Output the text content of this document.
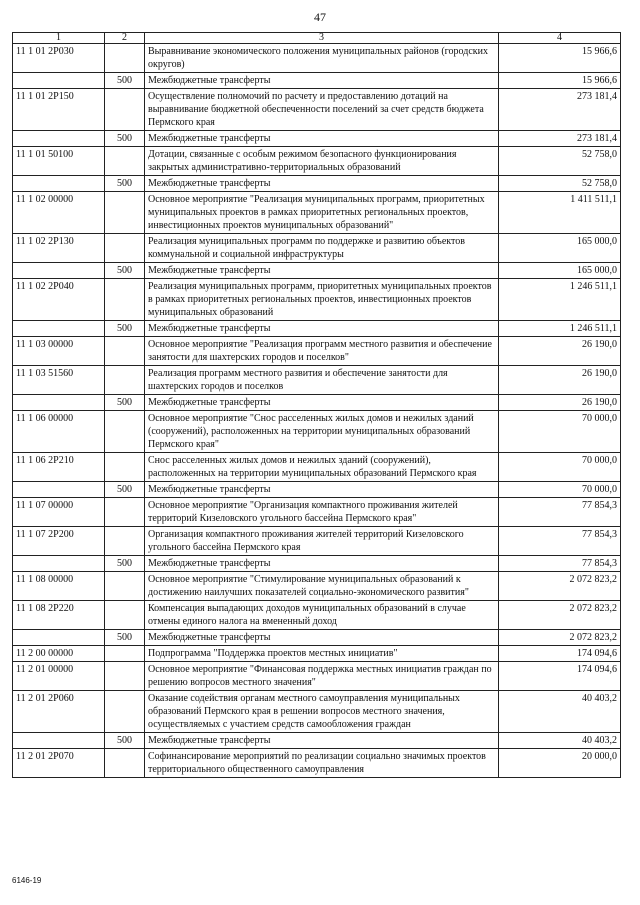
47
1	2	3	4
11 1 01 2P030		Выравнивание экономического положения муниципальных районов (городских округов)	15 966,6
	500	Межбюджетные трансферты	15 966,6
11 1 01 2P150		Осуществление полномочий по расчету и предоставлению дотаций на выравнивание бюджетной обеспеченности поселений за счет средств бюджета Пермского края	273 181,4
	500	Межбюджетные трансферты	273 181,4
11 1 01 50100		Дотации, связанные с особым режимом безопасного функционирования закрытых административно-территориальных образований	52 758,0
	500	Межбюджетные трансферты	52 758,0
11 1 02 00000		Основное мероприятие "Реализация муниципальных программ, приоритетных муниципальных проектов в рамках приоритетных региональных проектов, инвестиционных проектов муниципальных образований"	1 411 511,1
11 1 02 2P130		Реализация муниципальных программ по поддержке и развитию объектов коммунальной и социальной инфраструктуры	165 000,0
	500	Межбюджетные трансферты	165 000,0
11 1 02 2P040		Реализация муниципальных программ, приоритетных муниципальных проектов в рамках приоритетных региональных проектов, инвестиционных проектов муниципальных образований	1 246 511,1
	500	Межбюджетные трансферты	1 246 511,1
11 1 03 00000		Основное мероприятие "Реализация программ местного развития и обеспечение занятости для шахтерских городов и поселков"	26 190,0
11 1 03 51560		Реализация программ местного развития и обеспечение занятости для шахтерских городов и поселков	26 190,0
	500	Межбюджетные трансферты	26 190,0
11 1 06 00000		Основное мероприятие "Снос расселенных жилых домов и нежилых зданий (сооружений), расположенных на территории муниципальных образований Пермского края"	70 000,0
11 1 06 2P210		Снос расселенных жилых домов и нежилых зданий (сооружений), расположенных на территории муниципальных образований Пермского края	70 000,0
	500	Межбюджетные трансферты	70 000,0
11 1 07 00000		Основное мероприятие "Организация компактного проживания жителей территорий Кизеловского угольного бассейна Пермского края"	77 854,3
11 1 07 2P200		Организация компактного проживания жителей территорий Кизеловского угольного бассейна Пермского края	77 854,3
	500	Межбюджетные трансферты	77 854,3
11 1 08 00000		Основное мероприятие "Стимулирование муниципальных образований к достижению наилучших показателей социально-экономического развития"	2 072 823,2
11 1 08 2P220		Компенсация выпадающих доходов муниципальных образований в случае отмены единого налога на вмененный доход	2 072 823,2
	500	Межбюджетные трансферты	2 072 823,2
11 2 00 00000		Подпрограмма "Поддержка проектов местных инициатив"	174 094,6
11 2 01 00000		Основное мероприятие "Финансовая поддержка местных инициатив граждан по решению вопросов местного значения"	174 094,6
11 2 01 2P060		Оказание содействия органам местного самоуправления муниципальных образований Пермского края в решении вопросов местного значения, осуществляемых с участием средств самообложения граждан	40 403,2
	500	Межбюджетные трансферты	40 403,2
11 2 01 2P070		Софинансирование мероприятий по реализации социально значимых проектов территориального общественного самоуправления	20 000,0
6146-19
